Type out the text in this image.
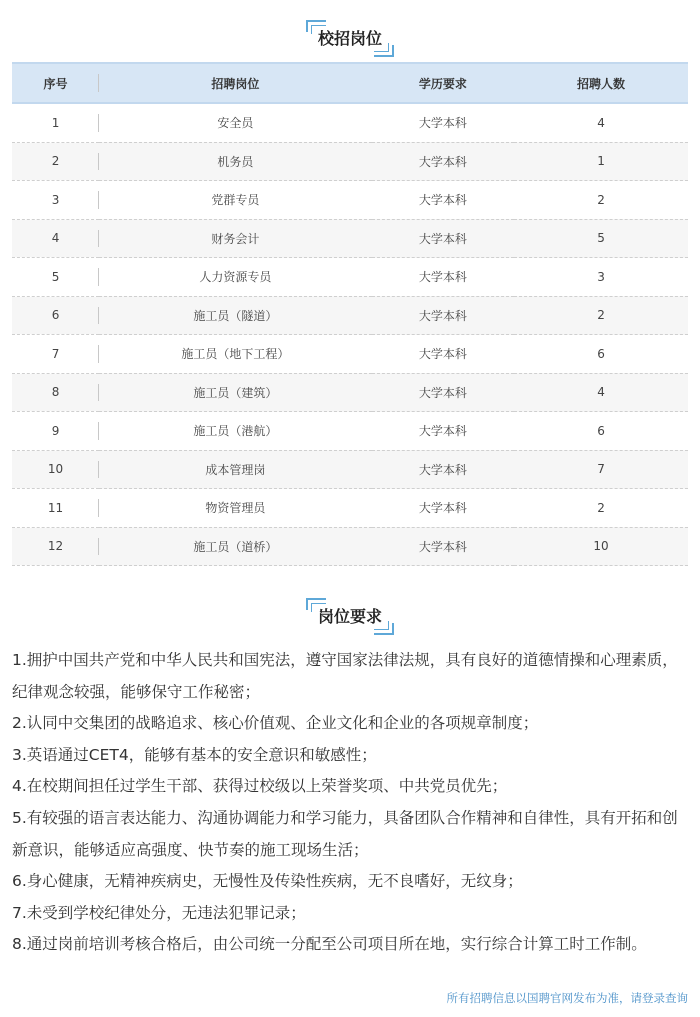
校招岗位
序号	招聘岗位	学历要求	招聘人数
1	安全员	大学本科	4
2	机务员	大学本科	1
3	党群专员	大学本科	2
4	财务会计	大学本科	5
5	人力资源专员	大学本科	3
6	施工员（隧道）	大学本科	2
7	施工员（地下工程）	大学本科	6
8	施工员（建筑）	大学本科	4
9	施工员（港航）	大学本科	6
10	成本管理岗	大学本科	7
11	物资管理员	大学本科	2
12	施工员（道桥）	大学本科	10
岗位要求

1.拥护中国共产党和中华人民共和国宪法，遵守国家法律法规，具有良好的道德情操和心理素质，纪律观念较强，能够保守工作秘密；

2.认同中交集团的战略追求、核心价值观、企业文化和企业的各项规章制度；

3.英语通过CET4，能够有基本的安全意识和敏感性；

4.在校期间担任过学生干部、获得过校级以上荣誉奖项、中共党员优先；

5.有较强的语言表达能力、沟通协调能力和学习能力，具备团队合作精神和自律性，具有开拓和创新意识，能够适应高强度、快节奏的施工现场生活；

6.身心健康，无精神疾病史，无慢性及传染性疾病，无不良嗜好，无纹身；

7.未受到学校纪律处分，无违法犯罪记录；

8.通过岗前培训考核合格后，由公司统一分配至公司项目所在地，实行综合计算工时工作制。

所有招聘信息以国聘官网发布为准，请登录查询
